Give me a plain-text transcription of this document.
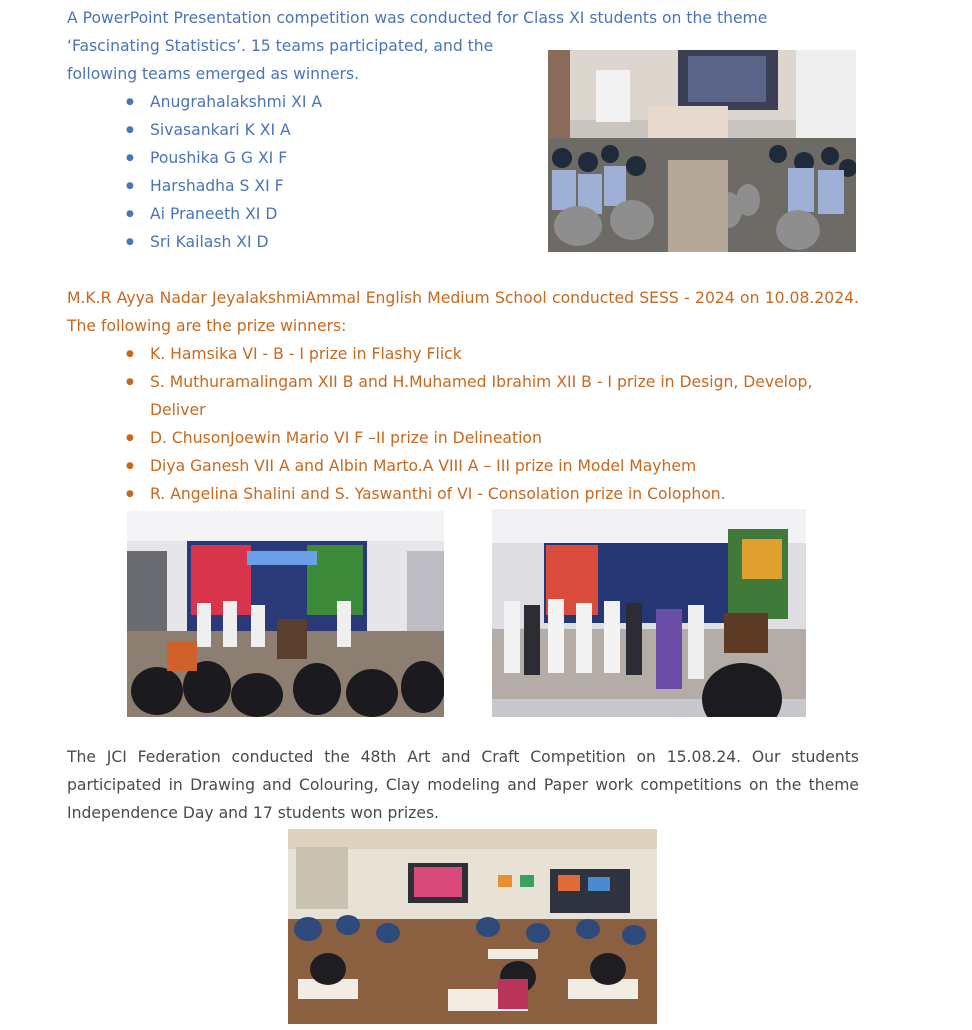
A PowerPoint Presentation competition was conducted for Class XI students on the theme

‘Fascinating Statistics’. 15 teams participated, and the

following teams emerged as winners.

● Anugrahalakshmi XI A
● Sivasankari K XI A
● Poushika G G XI F
● Harshadha S XI F
● Ai Praneeth XI D
● Sri Kailash XI D

M.K.R Ayya Nadar JeyalakshmiAmmal English Medium School conducted SESS - 2024 on 10.08.2024. The following are the prize winners:

● K. Hamsika VI - B - I prize in Flashy Flick
● S. Muthuramalingam XII B and H.Muhamed Ibrahim XII B - I prize in Design, Develop, Deliver
● D. ChusonJoewin Mario VI F –II prize in Delineation
● Diya Ganesh VII A and Albin Marto.A VIII A – III prize in Model Mayhem
● R. Angelina Shalini and S. Yaswanthi of VI - Consolation prize in Colophon.

The JCI Federation conducted the 48th Art and Craft Competition on 15.08.24. Our students participated in Drawing and Colouring, Clay modeling and Paper work competitions on the theme Independence Day and 17 students won prizes.
